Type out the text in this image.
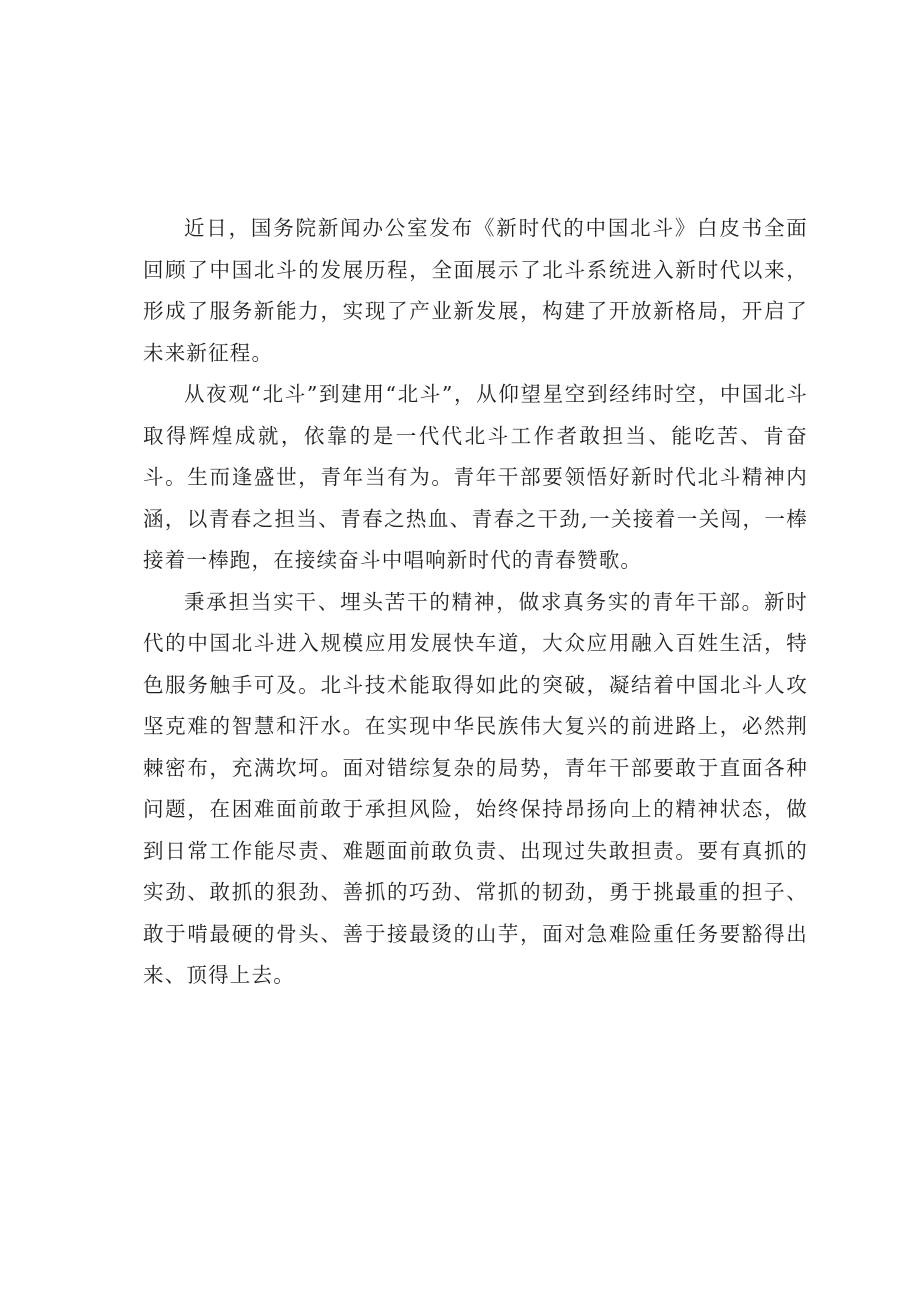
近日，国务院新闻办公室发布《新时代的中国北斗》白皮书全面回顾了中国北斗的发展历程，全面展示了北斗系统进入新时代以来，形成了服务新能力，实现了产业新发展，构建了开放新格局，开启了未来新征程。

从夜观“北斗”到建用“北斗”，从仰望星空到经纬时空，中国北斗取得辉煌成就，依靠的是一代代北斗工作者敢担当、能吃苦、肯奋斗。生而逢盛世，青年当有为。青年干部要领悟好新时代北斗精神内涵，以青春之担当、青春之热血、青春之干劲,一关接着一关闯，一棒接着一棒跑，在接续奋斗中唱响新时代的青春赞歌。

秉承担当实干、埋头苦干的精神，做求真务实的青年干部。新时代的中国北斗进入规模应用发展快车道，大众应用融入百姓生活，特色服务触手可及。北斗技术能取得如此的突破，凝结着中国北斗人攻坚克难的智慧和汗水。在实现中华民族伟大复兴的前进路上，必然荆棘密布，充满坎坷。面对错综复杂的局势，青年干部要敢于直面各种问题，在困难面前敢于承担风险，始终保持昂扬向上的精神状态，做到日常工作能尽责、难题面前敢负责、出现过失敢担责。要有真抓的实劲、敢抓的狠劲、善抓的巧劲、常抓的韧劲，勇于挑最重的担子、敢于啃最硬的骨头、善于接最烫的山芋，面对急难险重任务要豁得出来、顶得上去。
